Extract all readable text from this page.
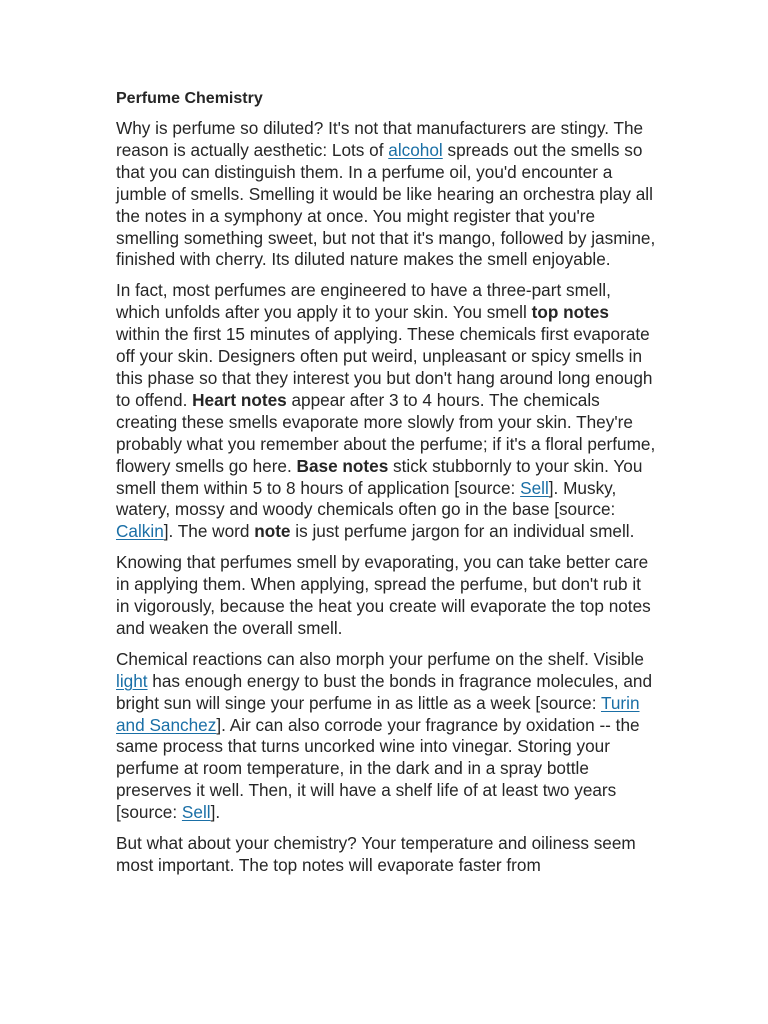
Perfume Chemistry

Why is perfume so diluted? It's not that manufacturers are stingy. The reason is actually aesthetic: Lots of alcohol spreads out the smells so that you can distinguish them. In a perfume oil, you'd encounter a jumble of smells. Smelling it would be like hearing an orchestra play all the notes in a symphony at once. You might register that you're smelling something sweet, but not that it's mango, followed by jasmine, finished with cherry. Its diluted nature makes the smell enjoyable.

In fact, most perfumes are engineered to have a three-part smell, which unfolds after you apply it to your skin. You smell top notes within the first 15 minutes of applying. These chemicals first evaporate off your skin. Designers often put weird, unpleasant or spicy smells in this phase so that they interest you but don't hang around long enough to offend. Heart notes appear after 3 to 4 hours. The chemicals creating these smells evaporate more slowly from your skin. They're probably what you remember about the perfume; if it's a floral perfume, flowery smells go here. Base notes stick stubbornly to your skin. You smell them within 5 to 8 hours of application [source: Sell]. Musky, watery, mossy and woody chemicals often go in the base [source: Calkin]. The word note is just perfume jargon for an individual smell.

Knowing that perfumes smell by evaporating, you can take better care in applying them. When applying, spread the perfume, but don't rub it in vigorously, because the heat you create will evaporate the top notes and weaken the overall smell.

Chemical reactions can also morph your perfume on the shelf. Visible light has enough energy to bust the bonds in fragrance molecules, and bright sun will singe your perfume in as little as a week [source: Turin and Sanchez]. Air can also corrode your fragrance by oxidation -- the same process that turns uncorked wine into vinegar. Storing your perfume at room temperature, in the dark and in a spray bottle preserves it well. Then, it will have a shelf life of at least two years [source: Sell].

But what about your chemistry? Your temperature and oiliness seem most important. The top notes will evaporate faster from
